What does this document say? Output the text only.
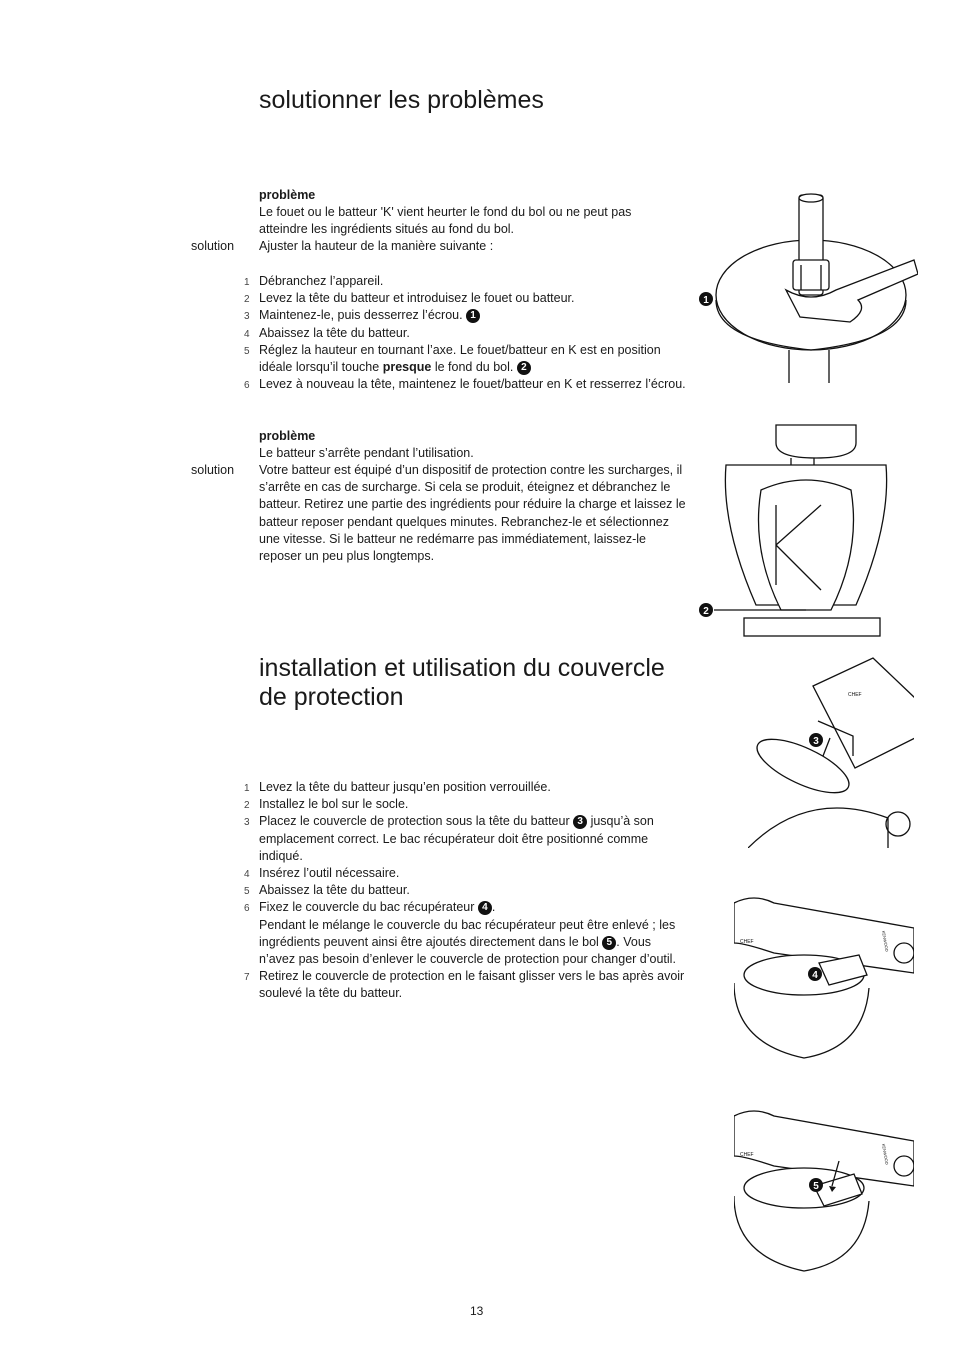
solutionner les problèmes
problème
Le fouet ou le batteur 'K' vient heurter le fond du bol ou ne peut pas atteindre les ingrédients situés au fond du bol.
solution Ajuster la hauteur de la manière suivante :
1 Débranchez l’appareil.
2 Levez la tête du batteur et introduisez le fouet ou batteur.
3 Maintenez-le, puis desserrez l’écrou. 1
4 Abaissez la tête du batteur.
5 Réglez la hauteur en tournant l’axe. Le fouet/batteur en K est en position idéale lorsqu’il touche presque le fond du bol. 2
6 Levez à nouveau la tête, maintenez le fouet/batteur en K et resserrez l’écrou.
problème
Le batteur s’arrête pendant l’utilisation.
solution Votre batteur est équipé d’un dispositif de protection contre les surcharges, il s’arrête en cas de surcharge. Si cela se produit, éteignez et débranchez le batteur. Retirez une partie des ingrédients pour réduire la charge et laissez le batteur reposer pendant quelques minutes. Rebranchez-le et sélectionnez une vitesse. Si le batteur ne redémarre pas immédiatement, laissez-le reposer un peu plus longtemps.
installation et utilisation du couvercle de protection
1 Levez la tête du batteur jusqu’en position verrouillée.
2 Installez le bol sur le socle.
3 Placez le couvercle de protection sous la tête du batteur 3 jusqu’à son emplacement correct. Le bac récupérateur doit être positionné comme indiqué.
4 Insérez l’outil nécessaire.
5 Abaissez la tête du batteur.
6 Fixez le couvercle du bac récupérateur 4 .
Pendant le mélange le couvercle du bac récupérateur peut être enlevé ; les ingrédients peuvent ainsi être ajoutés directement dans le bol 5 . Vous n’avez pas besoin d’enlever le couvercle de protection pour changer d’outil.
7 Retirez le couvercle de protection en le faisant glisser vers le bas après avoir soulevé la tête du batteur.
1
2
CHEF
3
CHEF	KENWOOD
4
CHEF	KENWOOD
5
13
